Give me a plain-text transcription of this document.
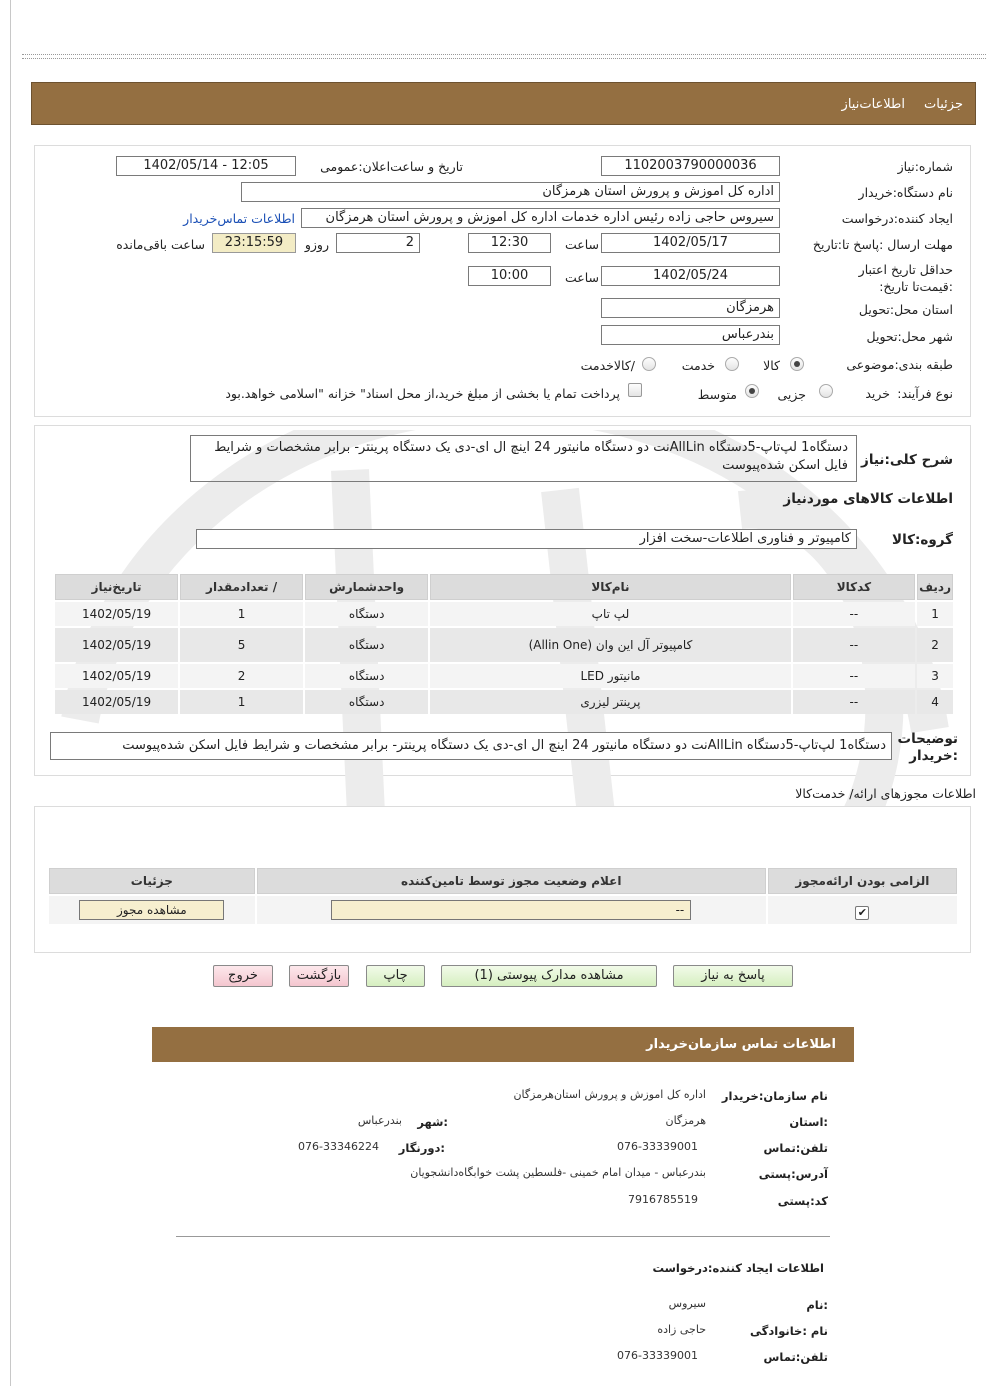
جزئیات
اطلاعات‌نیاز
شماره:نیاز
1102003790000036
تاریخ و ساعت‌اعلان:عمومی
1402/05/14 - 12:05
نام دستگاه:خریدار
اداره کل اموزش و پرورش استان هرمزگان
ایجاد کننده:درخواست
سیروس حاجی زاده رئیس اداره خدمات اداره کل اموزش و پرورش استان هرمزگان
اطلاعات تماس‌خریدار
مهلت ارسال :پاسخ تا:تاریخ
1402/05/17
ساعت
12:30
2
روزو
23:15:59
ساعت باقی‌مانده
حداقل تاریخ اعتبار :قیمت‌تا تاریخ:
1402/05/24
ساعت
10:00
استان محل:تحویل
هرمزگان
شهر محل:تحویل
بندرعباس
طبقه بندی:موضوعی
کالا
خدمت
/کالاخدمت
نوع فرآیند:
خرید
جزیی
متوسط
پرداخت تمام یا بخشی از مبلغ خرید،از محل اسناد" خزانه "اسلامی خواهد.بود
شرح کلی:نیاز
دستگاه1 لپ‌تاپ-5دستگاه AllLinنت دو دستگاه مانیتور 24 اینچ ال ای-دی یک دستگاه پرینتر- برابر مشخصات و شرایط فایل اسکن شده‌پیوست
اطلاعات کالاهای موردنیاز
گروه:کالا
کامپیوتر و فناوری اطلاعات-سخت افزار
ردیف	کدکالا	نام‌کالا	واحدشمارش	/ تعدادمقدار	تاریخ‌نیاز
1	--	لپ تاپ	دستگاه	1	1402/05/19
2	--	کامپیوتر آل این وان (Allin One)	دستگاه	5	1402/05/19
3	--	مانیتور LED	دستگاه	2	1402/05/19
4	--	پرینتر لیزری	دستگاه	1	1402/05/19
توضیحات :خریدار
دستگاه1 لپ‌تاپ-5دستگاه AllLinنت دو دستگاه مانیتور 24 اینچ ال ای-دی یک دستگاه پرینتر- برابر مشخصات و شرایط فایل اسکن شده‌پیوست
اطلاعات مجوزهای ارائه/ خدمت‌کالا
الزامی بودن ارائه‌مجوز	اعلام وضعیت مجوز توسط تامین‌کننده	جزئیات
✔	--	مشاهده مجوز
پاسخ به نیاز
مشاهده مدارک پیوستی (1)
چاپ
بازگشت
خروج
اطلاعات تماس سازمان‌خریدار
نام سازمان:خریدار
اداره کل اموزش و پرورش استان‌هرمزگان
:استان
هرمزگان
:شهر
بندرعباس
تلفن:تماس
076-33339001
:دورنگار
076-33346224
آدرس:پستی
بندرعباس - میدان امام خمینی -فلسطین پشت خوابگاه‌دانشجویان
کد:پستی
7916785519
اطلاعات ایجاد کننده:درخواست
:نام
سیروس
نام :خانوادگی
حاجی زاده
تلفن:تماس
076-33339001
